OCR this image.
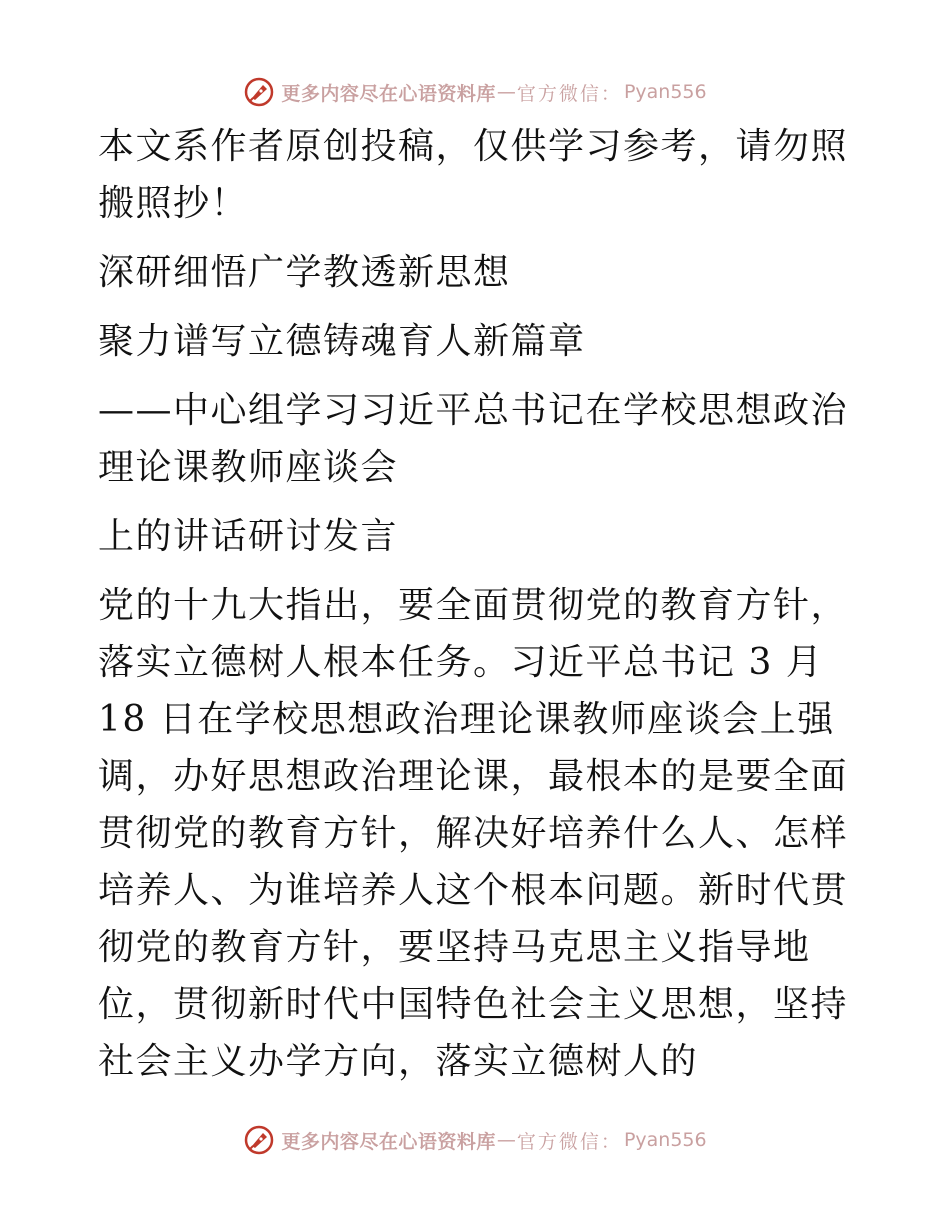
更多内容尽在心语资料库 — 官方微信： Pyan556

本文系作者原创投稿，仅供学习参考，请勿照搬照抄！

深研细悟广学教透新思想

聚力谱写立德铸魂育人新篇章

——中心组学习习近平总书记在学校思想政治理论课教师座谈会

上的讲话研讨发言

党的十九大指出，要全面贯彻党的教育方针，落实立德树人根本任务。习近平总书记 3 月 18 日在学校思想政治理论课教师座谈会上强调，办好思想政治理论课，最根本的是要全面贯彻党的教育方针，解决好培养什么人、怎样培养人、为谁培养人这个根本问题。新时代贯彻党的教育方针，要坚持马克思主义指导地位，贯彻新时代中国特色社会主义思想，坚持社会主义办学方向，落实立德树人的

更多内容尽在心语资料库 — 官方微信： Pyan556
